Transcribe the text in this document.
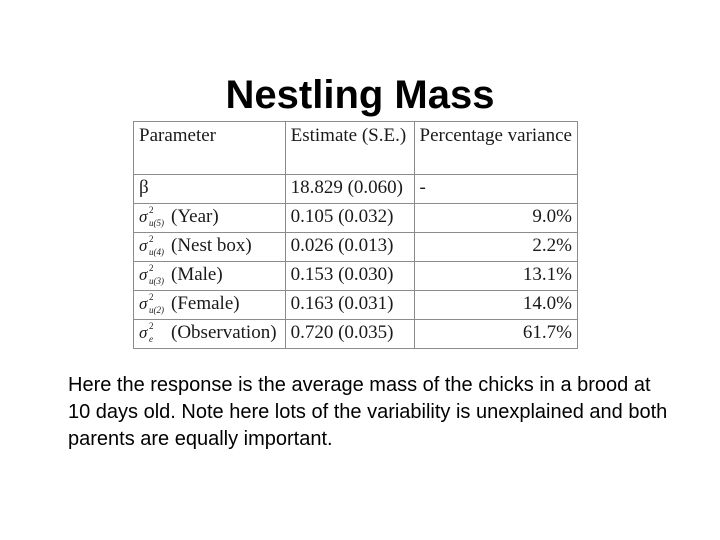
Nestling Mass
Parameter	Estimate (S.E.)	Percentage variance
β	18.829 (0.060)	-

σ 2
u(5) (Year)	0.105 (0.032)	9.0%

σ 2
u(4) (Nest box)	0.026 (0.013)	2.2%

σ 2
u(3) (Male)	0.153 (0.030)	13.1%

σ 2
u(2) (Female)	0.163 (0.031)	14.0%

σ 2
e (Observation)	0.720 (0.035)	61.7%

Here the response is the average mass of the chicks in a brood at 10 days old. Note here lots of the variability is unexplained and both parents are equally important.
